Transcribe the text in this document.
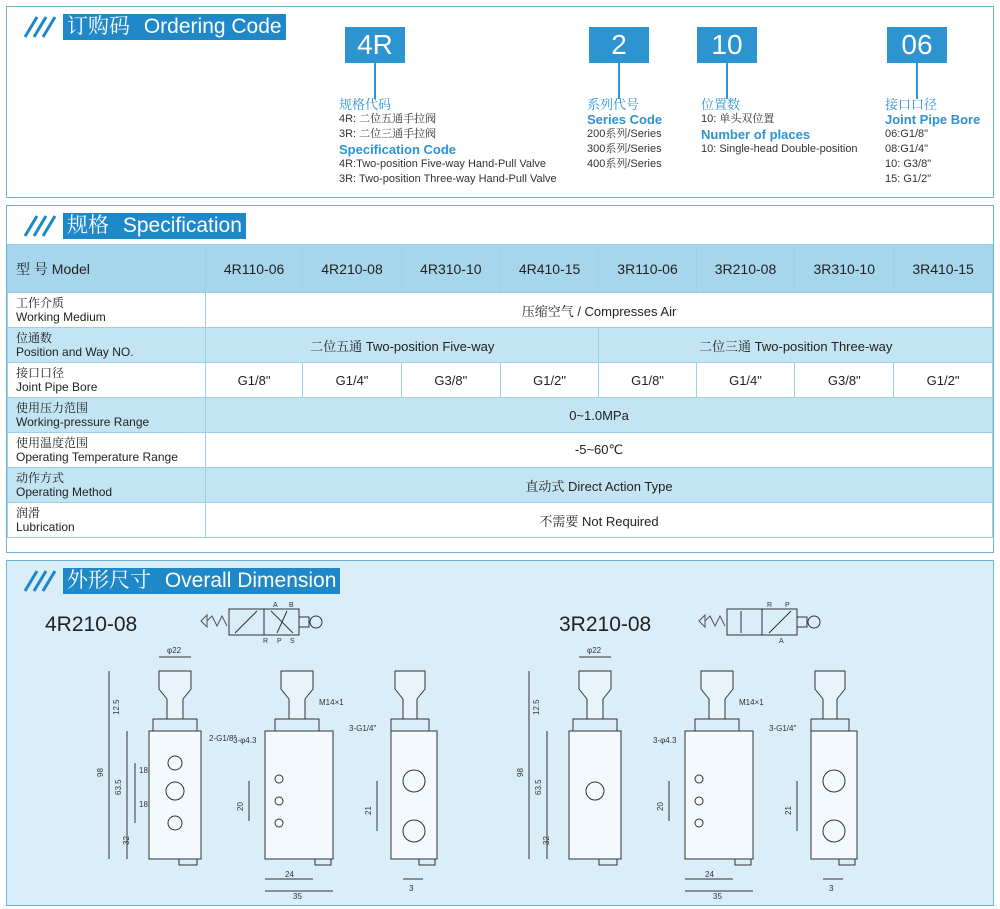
订购码 Ordering Code
4R	2	10	06
规格代码
4R: 二位五通手拉阀
3R: 二位三通手拉阀
Specification Code
4R:Two-position Five-way Hand-Pull Valve
3R: Two-position Three-way Hand-Pull Valve
系列代号
Series Code
200系列/Series
300系列/Series
400系列/Series
位置数
10: 单头双位置
Number of places
10: Single-head Double-position
接口口径
Joint Pipe Bore
06:G1/8"
08:G1/4"
10: G3/8"
15: G1/2"
规格 Specification
型 号 Model	4R110-06	4R210-08	4R310-10	4R410-15	3R110-06	3R210-08	3R310-10	3R410-15

工作介质
Working Medium	压缩空气 / Compresses Air							

位通数
Position and Way NO.	二位五通 Two-position Five-way				二位三通 Two-position Three-way			

接口口径
Joint Pipe Bore	G1/8"	G1/4"	G3/8"	G1/2"	G1/8"	G1/4"	G3/8"	G1/2"

使用压力范围
Working-pressure Range	0~1.0MPa							

使用温度范围
Operating Temperature Range	-5~60℃							

动作方式
Operating Method	直动式 Direct Action Type							

润滑
Lubrication	不需要 Not Required							
外形尺寸 Overall Dimension
4R210-08	3R210-08
A B
R P S
R P
A
φ22
2-G1/8"
98
12.5
63.5
18
18
32
M14×1
3-φ4.3
20
24
35
3-G1/4"
21
3
φ22
98
12.5
63.5
32
M14×1
3-φ4.3
20
24
35
3-G1/4"
21
3
